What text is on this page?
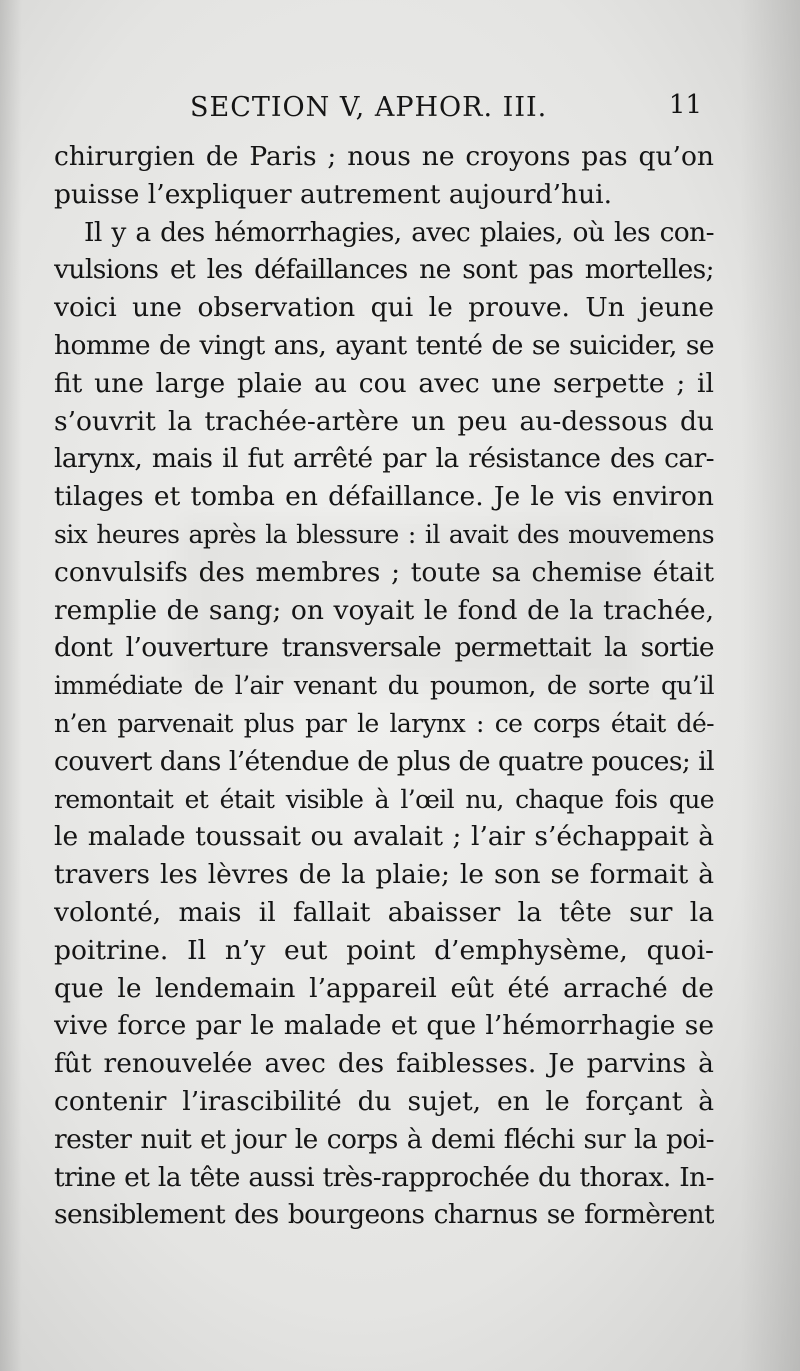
SECTION V, APHOR. III.	11
chirurgien de Paris ; nous ne croyons pas qu’on
puisse l’expliquer autrement aujourd’hui.
Il y a des hémorrhagies, avec plaies, où les con-
vulsions et les défaillances ne sont pas mortelles;
voici une observation qui le prouve. Un jeune
homme de vingt ans, ayant tenté de se suicider, se
fit une large plaie au cou avec une serpette ; il
s’ouvrit la trachée-artère un peu au-dessous du
larynx, mais il fut arrêté par la résistance des car-
tilages et tomba en défaillance. Je le vis environ
six heures après la blessure : il avait des mouvemens
convulsifs des membres ; toute sa chemise était
remplie de sang; on voyait le fond de la trachée,
dont l’ouverture transversale permettait la sortie
immédiate de l’air venant du poumon, de sorte qu’il
n’en parvenait plus par le larynx : ce corps était dé-
couvert dans l’étendue de plus de quatre pouces; il
remontait et était visible à l’œil nu, chaque fois que
le malade toussait ou avalait ; l’air s’échappait à
travers les lèvres de la plaie; le son se formait à
volonté, mais il fallait abaisser la tête sur la
poitrine. Il n’y eut point d’emphysème, quoi-
que le lendemain l’appareil eût été arraché de
vive force par le malade et que l’hémorrhagie se
fût renouvelée avec des faiblesses. Je parvins à
contenir l’irascibilité du sujet, en le forçant à
rester nuit et jour le corps à demi fléchi sur la poi-
trine et la tête aussi très-rapprochée du thorax. In-
sensiblement des bourgeons charnus se formèrent
